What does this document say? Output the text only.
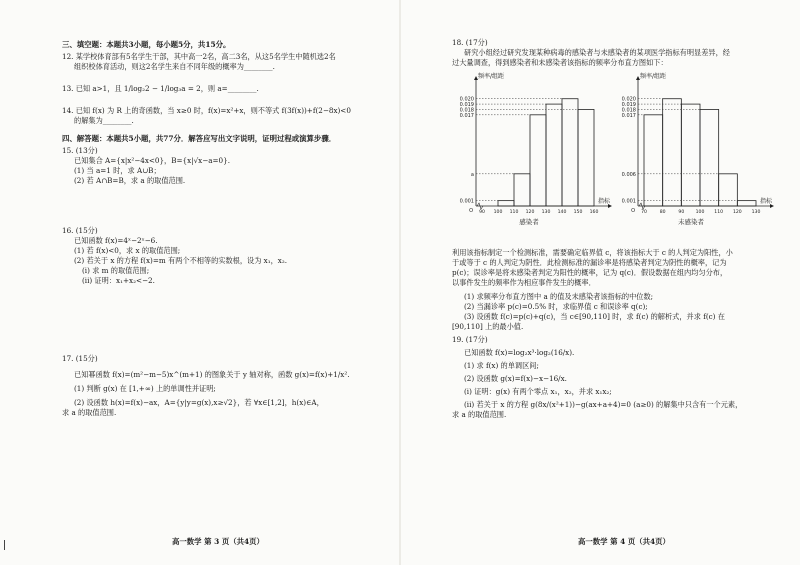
三、填空题：本题共3小题，每小题5分，共15分。
12. 某学校体育部有5名学生干部，其中高一2名，高二3名，从这5名学生中随机选2名
组织校体育活动，则这2名学生来自不同年级的概率为________.
13. 已知 a>1，且 1/log₂2 − 1/log₃a = 2，则 a=________.
14. 已知 f(x) 为 R 上的奇函数，当 x≥0 时，f(x)=x²+x，则不等式 f(3f(x))+f(2−8x)<0
的解集为________.
四、解答题：本题共5小题，共77分．解答应写出文字说明，证明过程或演算步骤．
15. (13分)
已知集合 A={x|x²−4x<0}，B={x|√x−a=0}.
(1) 当 a=1 时，求 A∪B；
(2) 若 A∩B=B，求 a 的取值范围.
16. (15分)
已知函数 f(x)=4ˣ−2ˣ−6.
(1) 若 f(x)<0，求 x 的取值范围;
(2) 若关于 x 的方程 f(x)=m 有两个不相等的实数根，设为 x₁，x₂.
(i) 求 m 的取值范围;
(ii) 证明：x₁+x₂<−2.
17. (15分)
已知幂函数 f(x)=(m²−m−5)x^(m+1) 的图象关于 y 轴对称，函数 g(x)=f(x)+1/x².
(1) 判断 g(x) 在 [1,+∞) 上的单调性并证明;
(2) 设函数 h(x)=f(x)−ax，A={y|y=g(x),x≥√2}，若 ∀x∈[1,2]，h(x)∈A，
求 a 的取值范围.
高一数学 第 3 页（共4页）
18. (17分)
研究小组经过研究发现某种病毒的感染者与未感染者的某项医学指标有明显差异，经
过大量调查，得到感染者和未感染者该指标的频率分布直方图如下：
频率/组距
指标
0.020
0.019
0.018
0.017
a
0.001
O 90 100 110 120 130 140 150 160
感染者
频率/组距
指标
0.020
0.019
0.018
0.017
0.006
0.001
O 70	80	90 100 110 120 130
未感染者
利用该指标制定一个检测标准，需要确定临界值 c，将该指标大于 c 的人判定为阳性，小
于或等于 c 的人判定为阴性．此检测标准的漏诊率是将感染者判定为阴性的概率，记为
p(c)；误诊率是将未感染者判定为阳性的概率，记为 q(c)．假设数据在组内均匀分布，
以事件发生的频率作为相应事件发生的概率．
(1) 求频率分布直方图中 a 的值及未感染者该指标的中位数;
(2) 当漏诊率 p(c)=0.5% 时，求临界值 c 和误诊率 q(c);
(3) 设函数 f(c)=p(c)+q(c)，当 c∈[90,110] 时，求 f(c) 的解析式，并求 f(c) 在
[90,110] 上的最小值.
19. (17分)
已知函数 f(x)=log₂x³·log₂(16/x).
(1) 求 f(x) 的单调区间;
(2) 设函数 g(x)=f(x)−x−16/x.
(i) 证明：g(x) 有两个零点 x₁，x₂，并求 x₁x₂;
(ii) 若关于 x 的方程 g(8x/(x²+1))−g(ax+a+4)=0 (a≥0) 的解集中只含有一个元素，
求 a 的取值范围.
高一数学 第 4 页（共4页）
